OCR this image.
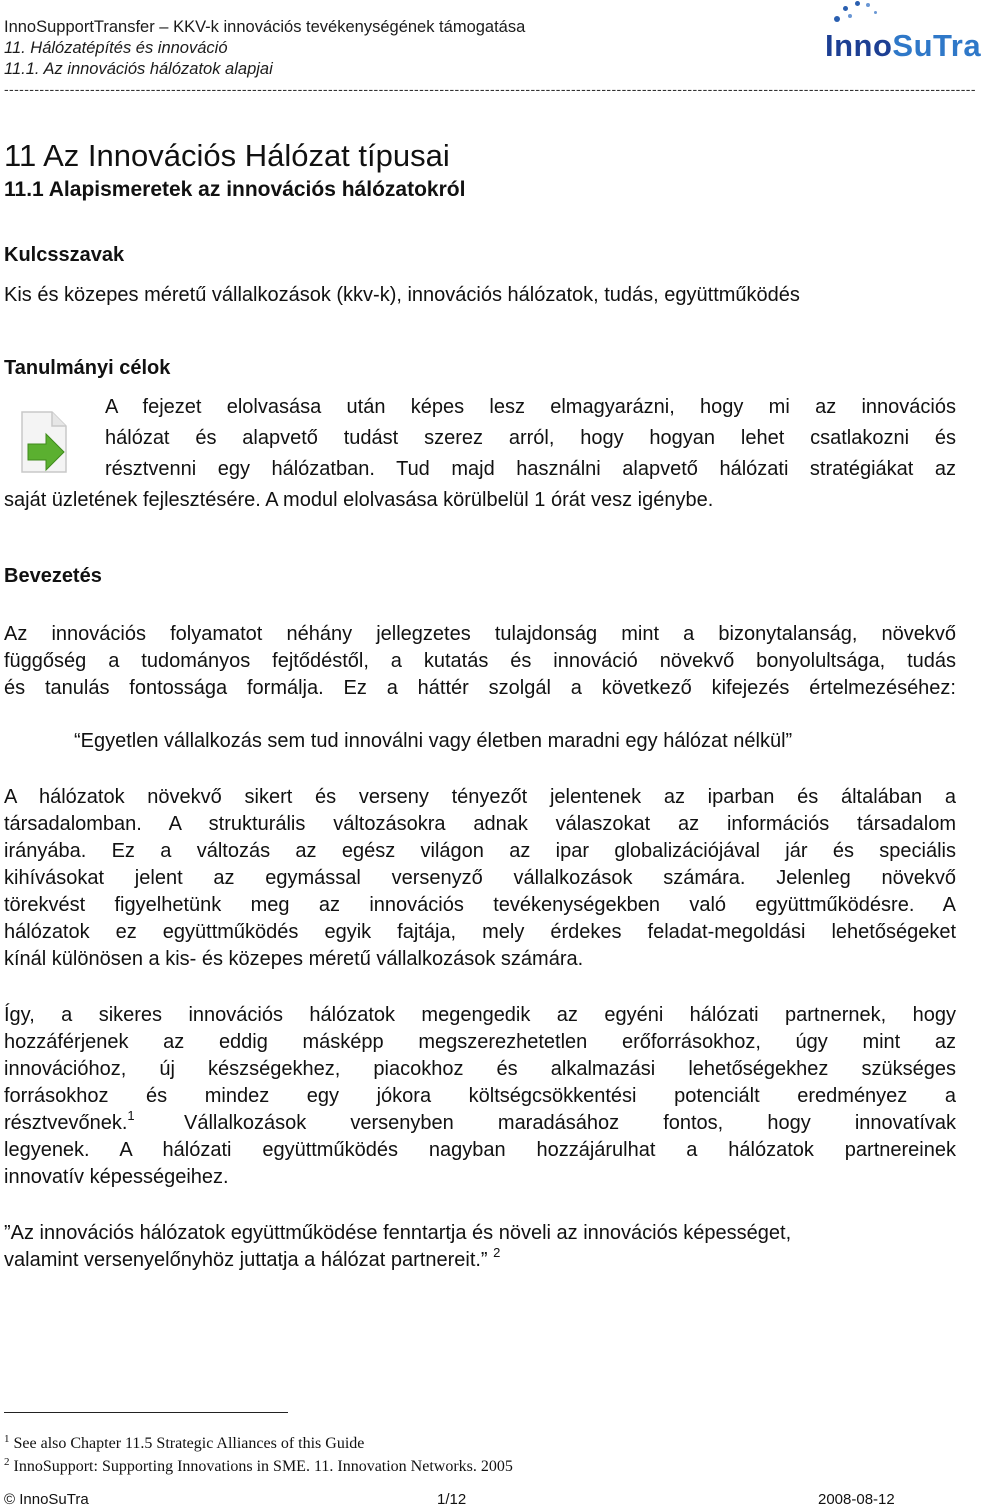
InnoSupportTransfer – KKV-k innovációs tevékenységének támogatása
11. Hálózatépítés és innováció
11.1. Az innovációs hálózatok alapjai
InnoSuTra
------------------------------------------------------------------------------------------------------------------------------------------------------------------------------------------------
11 Az Innovációs Hálózat típusai
11.1 Alapismeretek az innovációs hálózatokról
Kulcsszavak
Kis és közepes méretű vállalkozások (kkv-k), innovációs hálózatok, tudás, együttműködés
Tanulmányi célok
A fejezet elolvasása után képes lesz elmagyarázni, hogy mi az innovációs
hálózat és alapvető tudást szerez arról, hogy hogyan lehet csatlakozni és
résztvenni egy hálózatban. Tud majd használni alapvető hálózati stratégiákat az
saját üzletének fejlesztésére. A modul elolvasása körülbelül 1 órát vesz igénybe.
Bevezetés
Az innovációs folyamatot néhány jellegzetes tulajdonság mint a bizonytalanság, növekvő
függőség a tudományos fejtődéstől, a kutatás és innováció növekvő bonyolultsága, tudás
és tanulás fontossága formálja. Ez a háttér szolgál a következő kifejezés értelmezéséhez:
“Egyetlen vállalkozás sem tud innoválni vagy életben maradni egy hálózat nélkül”
A hálózatok növekvő sikert és verseny tényezőt jelentenek az iparban és általában a
társadalomban. A strukturális változásokra adnak válaszokat az információs társadalom
irányába. Ez a változás az egész világon az ipar globalizációjával jár és speciális
kihívásokat jelent az egymással versenyző vállalkozások számára. Jelenleg növekvő
törekvést figyelhetünk meg az innovációs tevékenységekben való együttműködésre. A
hálózatok ez együttműködés egyik fajtája, mely érdekes feladat-megoldási lehetőségeket
kínál különösen a kis- és közepes méretű vállalkozások számára.
Így, a sikeres innovációs hálózatok megengedik az egyéni hálózati partnernek, hogy
hozzáférjenek az eddig másképp megszerezhetetlen erőforrásokhoz, úgy mint az
innovációhoz, új készségekhez, piacokhoz és alkalmazási lehetőségekhez szükséges
forrásokhoz és mindez egy jókora költségcsökkentési potenciált eredményez a
résztvevőnek.$^1$ Vállalkozások versenyben maradásához fontos, hogy innovatívak
legyenek. A hálózati együttműködés nagyban hozzájárulhat a hálózatok partnereinek
innovatív képességeihez.
”Az innovációs hálózatok együttműködése fenntartja és növeli az innovációs képességet,
valamint versenyelőnyhöz juttatja a hálózat partnereit.” $^2$
$^1$ See also Chapter 11.5 Strategic Alliances of this Guide
$^2$ InnoSupport: Supporting Innovations in SME. 11. Innovation Networks. 2005
© InnoSuTra	1/12	2008-08-12
